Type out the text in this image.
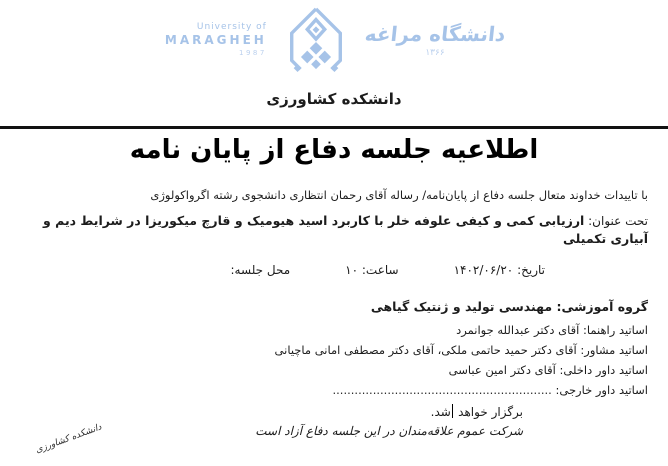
University of
MARAGHEH
1987
دانشگاه مراغه
۱۳۶۶
دانشکده کشاورزی
اطلاعیه جلسه دفاع از پایان نامه

با تاییدات خداوند متعال جلسه دفاع از پایان‌نامه/ رساله آقای رحمان انتظاری دانشجوی رشته اگرواکولوژی

تحت عنوان: ارزیابی کمی و کیفی علوفه خلر با کاربرد اسید هیومیک و قارچ میکوریزا در شرایط دیم و آبیاری تکمیلی

تاریخ: ۱۴۰۲/۰۶/۲۰
ساعت: ۱۰
محل جلسه:

گروه آموزشی: مهندسی تولید و ژنتیک گیاهی

اساتید راهنما: آقای دکتر عبدالله جوانمرد

اساتید مشاور: آقای دکتر حمید حاتمی ملکی، آقای دکتر مصطفی امانی ماچیانی

اساتید داور داخلی: آقای دکتر امین عباسی

اساتید داور خارجی: ............................................................

برگزار خواهد شد.

شرکت عموم علاقه‌مندان در این جلسه دفاع آزاد است

دانشکده کشاورزی
